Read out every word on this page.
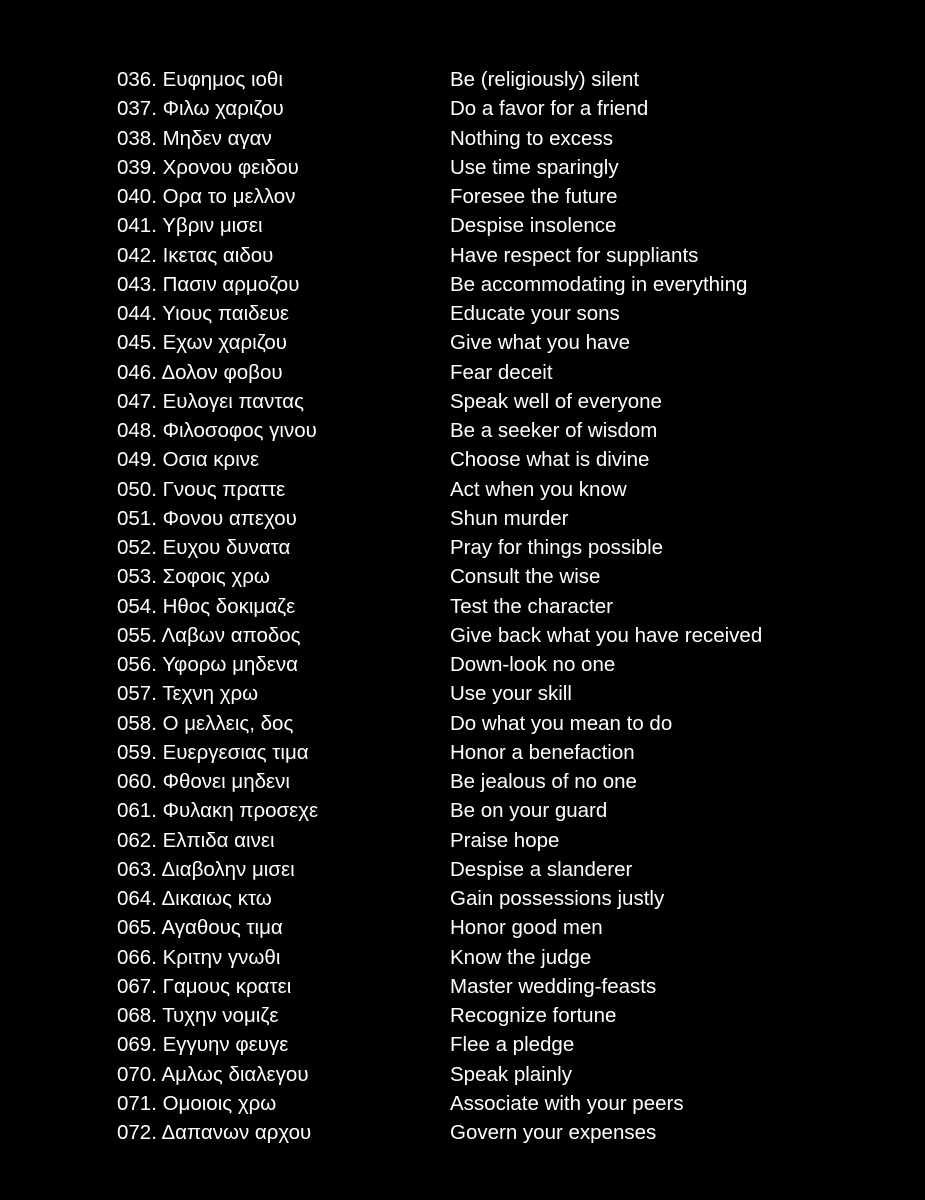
036. Ευφημος ιοθι	Be (religiously) silent
037. Φιλω χαριζου	Do a favor for a friend
038. Μηδεν αγαν	Nothing to excess
039. Χρονου φειδου	Use time sparingly
040. Ορα το μελλον	Foresee the future
041. Υβριν μισει	Despise insolence
042. Ικετας αιδου	Have respect for suppliants
043. Πασιν αρμοζου	Be accommodating in everything
044. Υιους παιδευε	Educate your sons
045. Εχων χαριζου	Give what you have
046. Δολον φοβου	Fear deceit
047. Ευλογει παντας	Speak well of everyone
048. Φιλοσοφος γινου	Be a seeker of wisdom
049. Οσια κρινε	Choose what is divine
050. Γνους πραττε	Act when you know
051. Φονου απεχου	Shun murder
052. Ευχου δυνατα	Pray for things possible
053. Σοφοις χρω	Consult the wise
054. Ηθος δοκιμαζε	Test the character
055. Λαβων αποδος	Give back what you have received
056. Υφορω μηδενα	Down-look no one
057. Τεχνη χρω	Use your skill
058. Ο μελλεις, δος	Do what you mean to do
059. Ευεργεσιας τιμα	Honor a benefaction
060. Φθονει μηδενι	Be jealous of no one
061. Φυλακη προσεχε	Be on your guard
062. Ελπιδα αινει	Praise hope
063. Διαβολην μισει	Despise a slanderer
064. Δικαιως κτω	Gain possessions justly
065. Αγαθους τιμα	Honor good men
066. Κριτην γνωθι	Know the judge
067. Γαμους κρατει	Master wedding-feasts
068. Τυχην νομιζε	Recognize fortune
069. Εγγυην φευγε	Flee a pledge
070. Αμλως διαλεγου	Speak plainly
071. Ομοιοις χρω	Associate with your peers
072. Δαπανων αρχου	Govern your expenses
